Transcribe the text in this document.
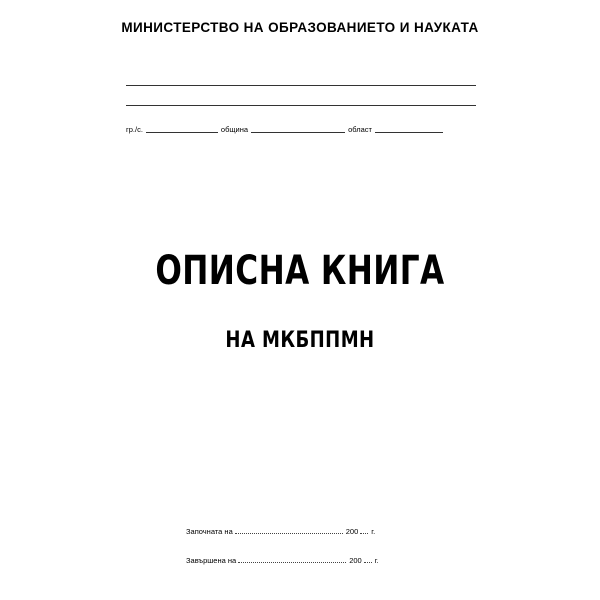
МИНИСТЕРСТВО НА ОБРАЗОВАНИЕТО И НАУКАТА
гр./с.	община	област
ОПИСНА КНИГА
НА МКБППМН
Започната на	200 г.
Завършена на	200 г.
